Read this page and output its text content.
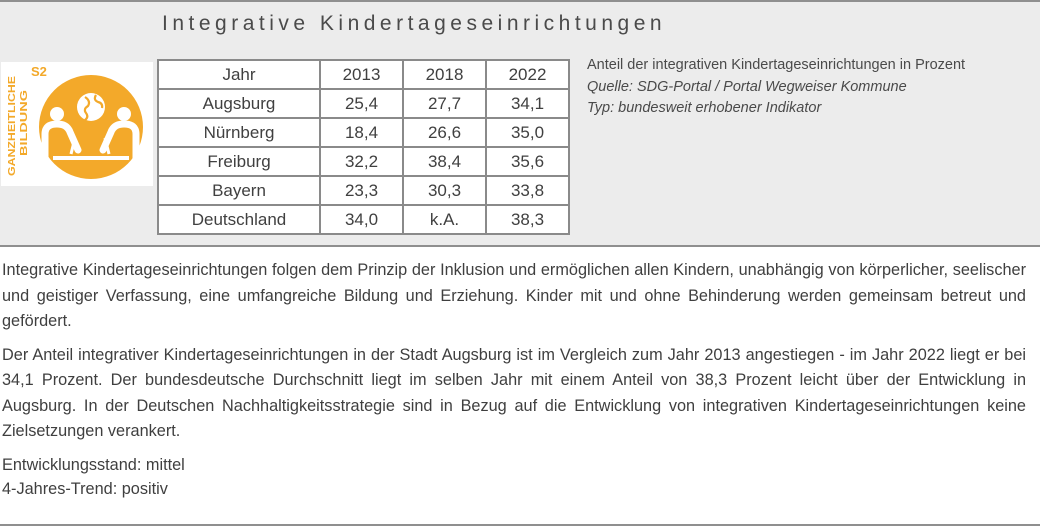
Integrative Kindertageseinrichtungen
GANZHEITLICHE BILDUNG
S2	Jahr	2013	2018	2022
Augsburg	25,4	27,7	34,1
Nürnberg	18,4	26,6	35,0
Freiburg	32,2	38,4	35,6
Bayern	23,3	30,3	33,8
Deutschland	34,0	k.A.	38,3
Anteil der integrativen Kindertageseinrichtungen in Prozent
Quelle: SDG-Portal / Portal Wegweiser Kommune
Typ: bundesweit erhobener Indikator

Integrative Kindertageseinrichtungen folgen dem Prinzip der Inklusion und ermöglichen allen Kindern, unabhängig von körperlicher, seelischer und geistiger Verfassung, eine umfangreiche Bildung und Erziehung. Kinder mit und ohne Behinderung werden gemeinsam betreut und gefördert.

Der Anteil integrativer Kindertageseinrichtungen in der Stadt Augsburg ist im Vergleich zum Jahr 2013 angestiegen - im Jahr 2022 liegt er bei 34,1 Prozent. Der bundesdeutsche Durchschnitt liegt im selben Jahr mit einem Anteil von 38,3 Prozent leicht über der Entwicklung in Augsburg. In der Deutschen Nachhaltigkeitsstrategie sind in Bezug auf die Entwicklung von integrativen Kindertageseinrichtungen keine Zielsetzungen verankert.

Entwicklungsstand: mittel
4-Jahres-Trend: positiv
